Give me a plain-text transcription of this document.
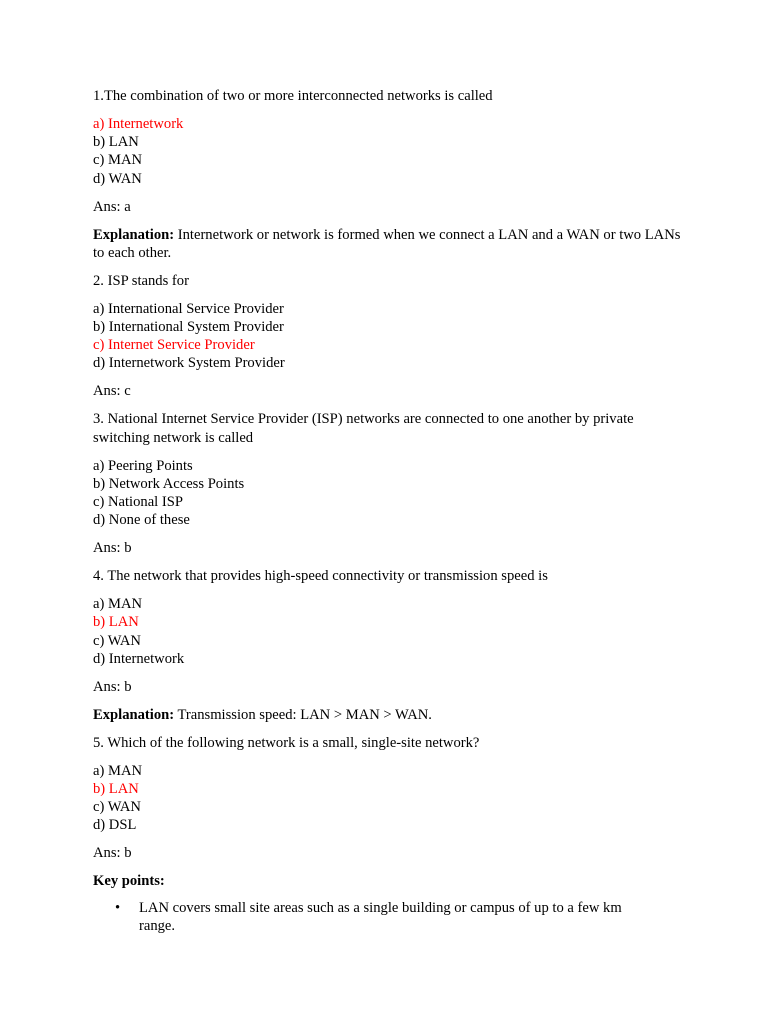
1.The combination of two or more interconnected networks is called
a) Internetwork
b) LAN
c) MAN
d) WAN
Ans: a
Explanation: Internetwork or network is formed when we connect a LAN and a WAN or two LANs to each other.
2. ISP stands for
a) International Service Provider
b) International System Provider
c) Internet Service Provider
d) Internetwork System Provider
Ans: c
3. National Internet Service Provider (ISP) networks are connected to one another by private switching network is called
a) Peering Points
b) Network Access Points
c) National ISP
d) None of these
Ans: b
4. The network that provides high-speed connectivity or transmission speed is
a) MAN
b) LAN
c) WAN
d) Internetwork
Ans: b
Explanation: Transmission speed: LAN > MAN > WAN.
5. Which of the following network is a small, single-site network?
a) MAN
b) LAN
c) WAN
d) DSL
Ans: b
Key points:
• LAN covers small site areas such as a single building or campus of up to a few km range.
